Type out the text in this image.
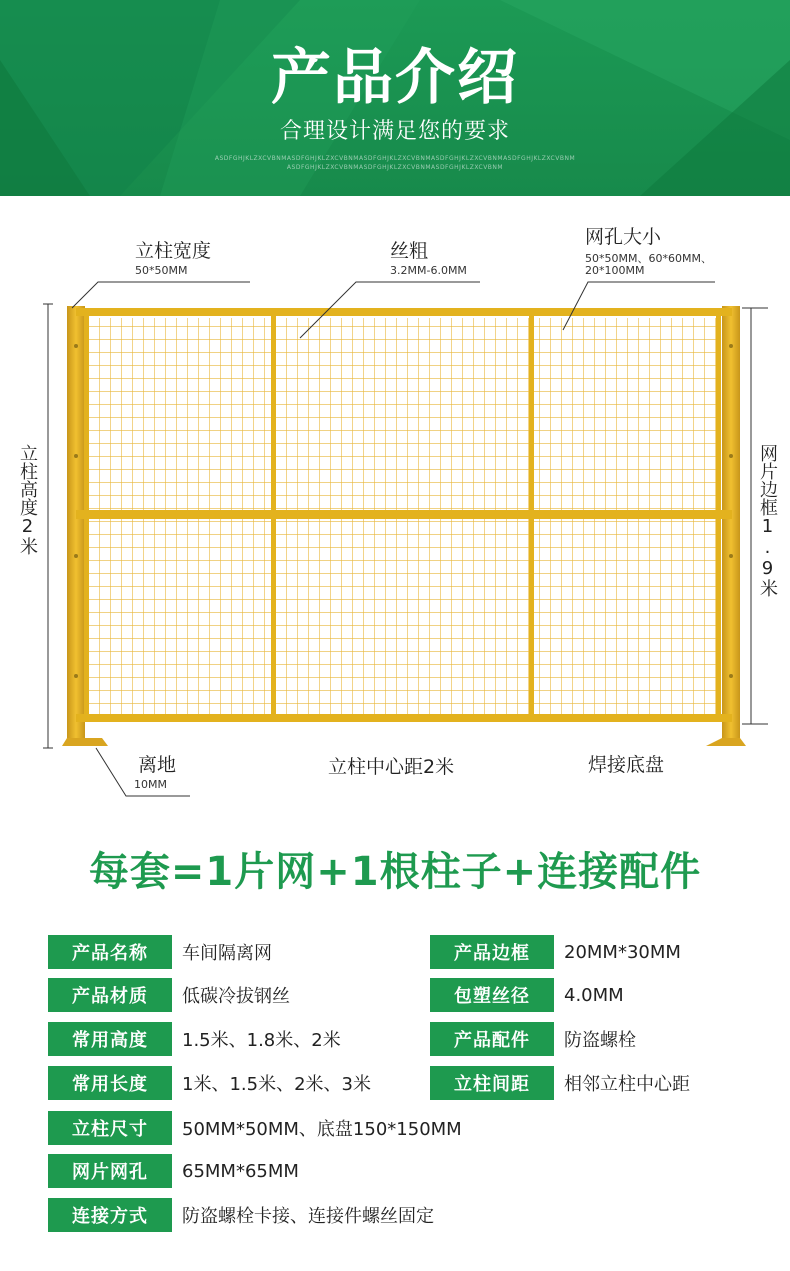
产品介绍
合理设计满足您的要求
ASDFGHJKLZXCVBNMASDFGHJKLZXCVBNMASDFGHJKLZXCVBNMASDFGHJKLZXCVBNMASDFGHJKLZXCVBNM
ASDFGHJKLZXCVBNMASDFGHJKLZXCVBNMASDFGHJKLZXCVBNM
立柱宽度
50*50MM
丝粗
3.2MM-6.0MM
网孔大小
50*50MM、60*60MM、
20*100MM
立柱高度2米	网片边框1.9米
离地
10MM
立柱中心距2米	焊接底盘
每套=1片网+1根柱子+连接配件
产品名称	车间隔离网	产品边框	20MM*30MM
产品材质	低碳冷拔钢丝	包塑丝径	4.0MM
常用高度	1.5米、1.8米、2米	产品配件	防盗螺栓
常用长度	1米、1.5米、2米、3米	立柱间距	相邻立柱中心距
立柱尺寸	50MM*50MM、底盘150*150MM
网片网孔	65MM*65MM
连接方式	防盗螺栓卡接、连接件螺丝固定
